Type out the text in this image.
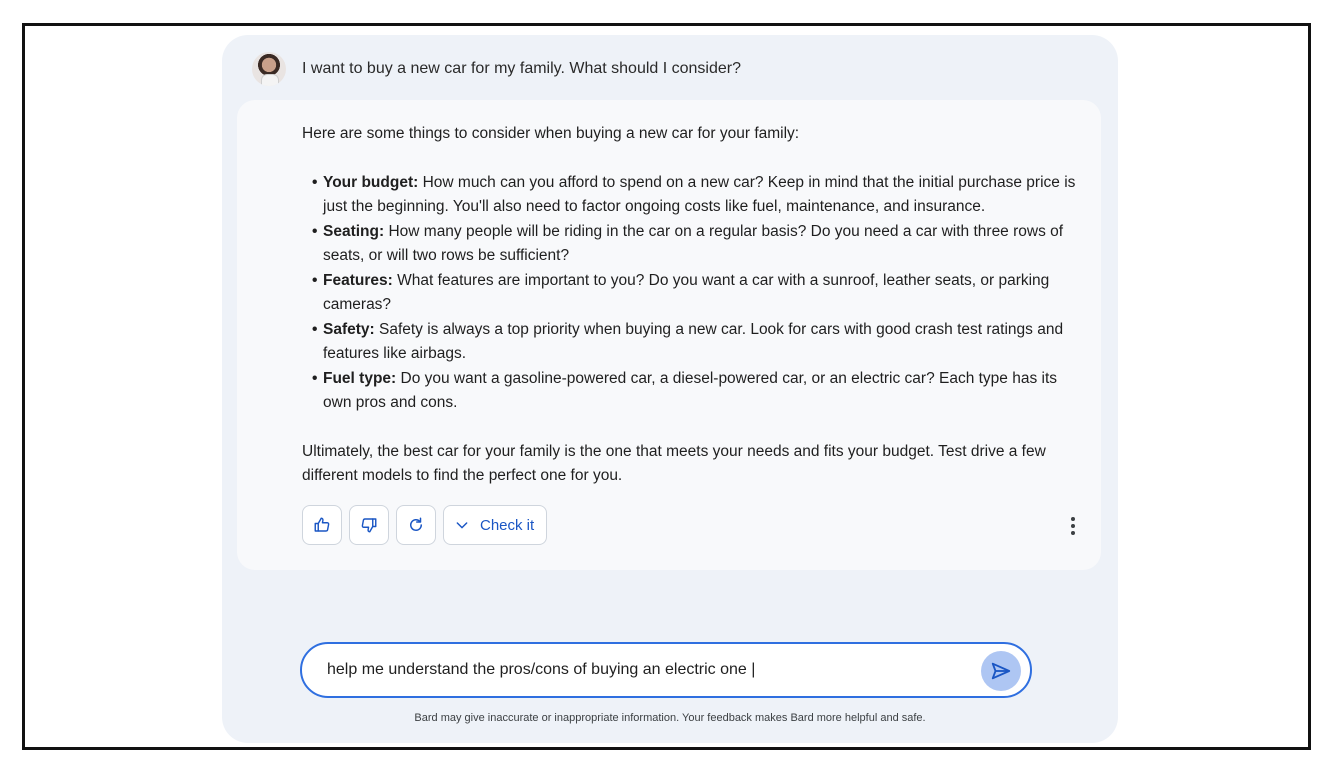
I want to buy a new car for my family. What should I consider?

Here are some things to consider when buying a new car for your family:

• Your budget: How much can you afford to spend on a new car? Keep in mind that the initial purchase price is just the beginning. You'll also need to factor ongoing costs like fuel, maintenance, and insurance.
• Seating: How many people will be riding in the car on a regular basis? Do you need a car with three rows of seats, or will two rows be sufficient?
• Features: What features are important to you? Do you want a car with a sunroof, leather seats, or parking cameras?
• Safety: Safety is always a top priority when buying a new car. Look for cars with good crash test ratings and features like airbags.
• Fuel type: Do you want a gasoline-powered car, a diesel-powered car, or an electric car? Each type has its own pros and cons.

Ultimately, the best car for your family is the one that meets your needs and fits your budget. Test drive a few different models to find the perfect one for you.

Check it
help me understand the pros/cons of buying an electric one |
Bard may give inaccurate or inappropriate information. Your feedback makes Bard more helpful and safe.
